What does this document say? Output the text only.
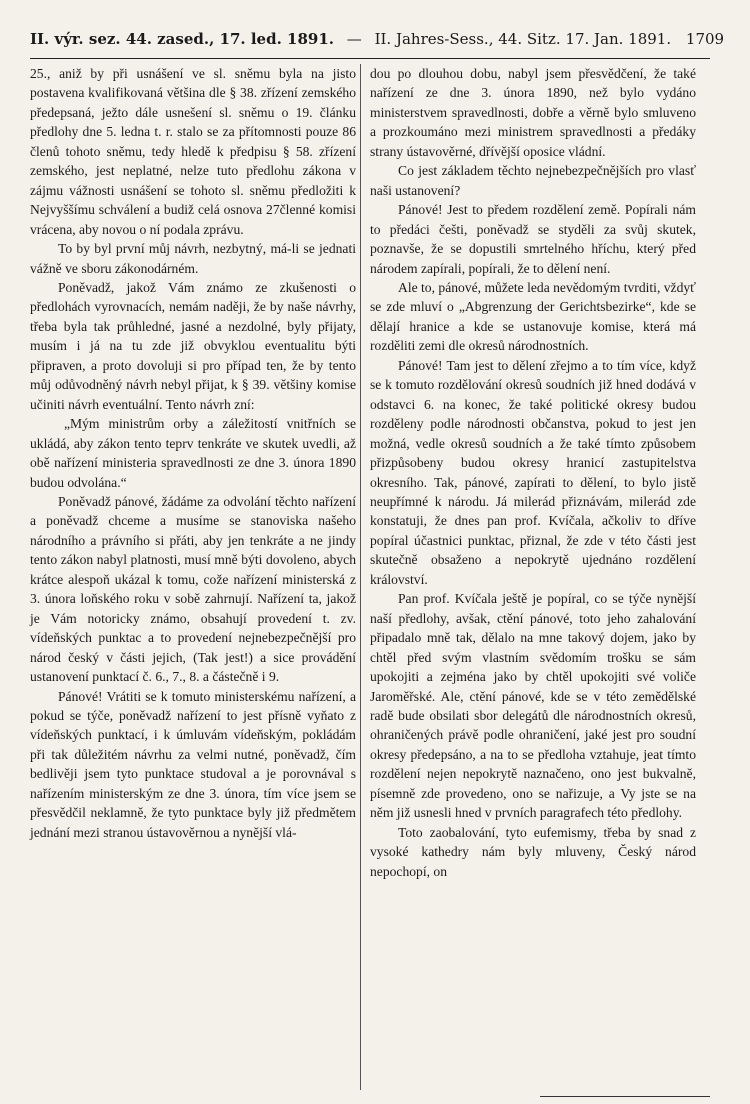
II. výr. sez. 44. zased., 17. led. 1891. — II. Jahres-Sess., 44. Sitz. 17. Jan. 1891. 1709

25., aniž by při usnášení ve sl. sněmu byla na jisto postavena kvalifikovaná většina dle § 38. zřízení zemského předepsaná, ježto dále usnešení sl. sněmu o 19. článku předlohy dne 5. ledna t. r. stalo se za přítomnosti pouze 86 členů tohoto sněmu, tedy hledě k předpisu § 58. zřízení zemského, jest neplatné, nelze tuto předlohu zákona v zájmu vážnosti usnášení se tohoto sl. sněmu předložiti k Nejvyššímu schválení a budiž celá osnova 27členné komisi vrácena, aby novou o ní podala zprávu.

To by byl první můj návrh, nezbytný, má-li se jednati vážně ve sboru zákonodárném.

Poněvadž, jakož Vám známo ze zkušenosti o předlohách vyrovnacích, nemám naději, že by naše návrhy, třeba byla tak průhledné, jasné a nezdolné, byly přijaty, musím i já na tu zde již obvyklou eventualitu býti připraven, a proto dovoluji si pro případ ten, že by tento můj odůvodněný návrh nebyl přijat, k § 39. většiny komise učiniti návrh eventuální. Tento návrh zní:

„Mým ministrům orby a záležitostí vnitřních se ukládá, aby zákon tento teprv tenkráte ve skutek uvedli, až obě nařízení ministeria spravedlnosti ze dne 3. února 1890 budou odvolána.“

Poněvadž pánové, žádáme za odvolání těchto nařízení a poněvadž chceme a musíme se stanoviska našeho národního a právního si přáti, aby jen tenkráte a ne jindy tento zákon nabyl platnosti, musí mně býti dovoleno, abych krátce alespoň ukázal k tomu, cože nařízení ministerská z 3. února loňského roku v sobě zahrnují. Nařízení ta, jakož je Vám notoricky známo, obsahují provedení t. zv. vídeňských punktac a to provedení nejnebezpečnější pro národ český v části jejich, (Tak jest!) a sice provádění ustanovení punktací č. 6., 7., 8. a částečně i 9.

Pánové! Vrátiti se k tomuto ministerskému nařízení, a pokud se týče, poněvadž nařízení to jest přísně vyňato z vídeňských punktací, i k úmluvám vídeňským, pokládám při tak důležitém návrhu za velmi nutné, poněvadž, čím bedlivěji jsem tyto punktace studoval a je porovnával s nařízením ministerským ze dne 3. února, tím více jsem se přesvědčil neklamně, že tyto punktace byly již předmětem jednání mezi stranou ústavověrnou a nynější vlá-

dou po dlouhou dobu, nabyl jsem přesvědčení, že také nařízení ze dne 3. února 1890, než bylo vydáno ministerstvem spravedlnosti, dobře a věrně bylo smluveno a prozkoumáno mezi ministrem spravedlnosti a předáky strany ústavověrné, dřívější oposice vládní.

Co jest základem těchto nejnebezpečnějších pro vlasť naši ustanovení?

Pánové! Jest to předem rozdělení země. Popírali nám to předáci češti, poněvadž se styděli za svůj skutek, poznavše, že se dopustili smrtelného hříchu, který před národem zapírali, popírali, že to dělení není.

Ale to, pánové, můžete leda nevědomým tvrditi, vždyť se zde mluví o „Abgrenzung der Gerichtsbezirke“, kde se dělají hranice a kde se ustanovuje komise, která má rozděliti zemi dle okresů národnostních.

Pánové! Tam jest to dělení zřejmo a to tím více, když se k tomuto rozdělování okresů soudních již hned dodává v odstavci 6. na konec, že také politické okresy budou rozděleny podle národnosti občanstva, pokud to jest jen možná, vedle okresů soudních a že také tímto způsobem přizpůsobeny budou okresy hranicí zastupitelstva okresního. Tak, pánové, zapírati to dělení, to bylo jistě neupřímné k národu. Já milerád přiznávám, milerád zde konstatuji, že dnes pan prof. Kvíčala, ačkoliv to dříve popíral účastnici punktac, přiznal, že zde v této části jest skutečně obsaženo a nepokrytě ujednáno rozdělení království.

Pan prof. Kvíčala ještě je popíral, co se týče nynější naší předlohy, avšak, ctění pánové, toto jeho zahalování připadalo mně tak, dělalo na mne takový dojem, jako by chtěl před svým vlastním svědomím trošku se sám upokojiti a zejména jako by chtěl upokojiti své voliče Jaroměřské. Ale, ctění pánové, kde se v této zemědělské radě bude obsilati sbor delegátů dle národnostních okresů, ohraničených právě podle ohraničení, jaké jest pro soudní okresy předepsáno, a na to se předloha vztahuje, jeat tímto rozdělení nejen nepokrytě naznačeno, ono jest bukvalně, písemně zde provedeno, ono se nařizuje, a Vy jste se na něm již usnesli hned v prvních paragrafech této předlohy.

Toto zaobalování, tyto eufemismy, třeba by snad z vysoké kathedry nám byly mluveny, Český národ nepochopí, on
